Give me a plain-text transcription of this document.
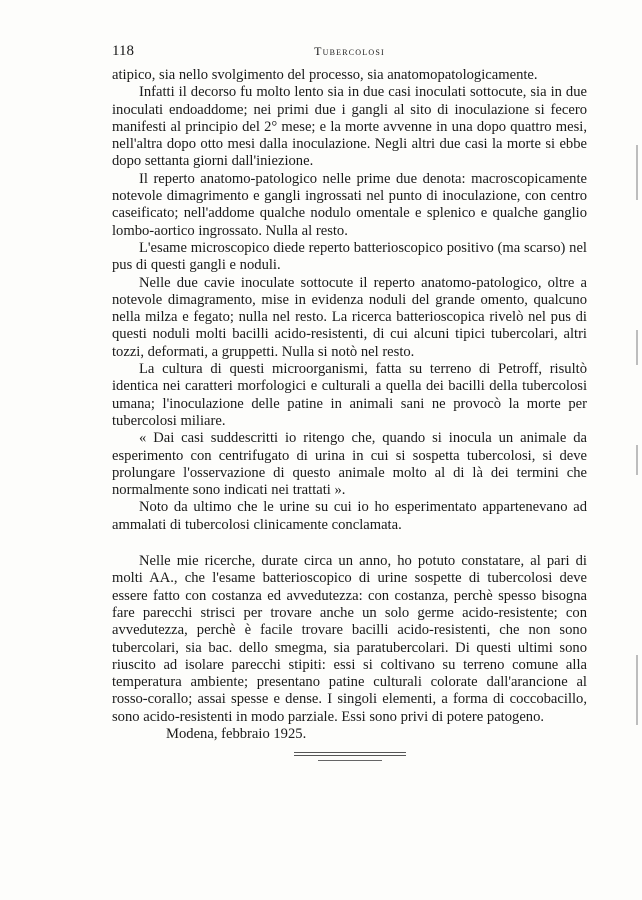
118	Tubercolosi

atipico, sia nello svolgimento del processo, sia anatomopatologicamente.

Infatti il decorso fu molto lento sia in due casi inoculati sottocute, sia in due inoculati endoaddome; nei primi due i gangli al sito di inoculazione si fecero manifesti al principio del 2° mese; e la morte avvenne in una dopo quattro mesi, nell'altra dopo otto mesi dalla inoculazione. Negli altri due casi la morte si ebbe dopo settanta giorni dall'iniezione.

Il reperto anatomo-patologico nelle prime due denota: macroscopicamente notevole dimagrimento e gangli ingrossati nel punto di inoculazione, con centro caseificato; nell'addome qualche nodulo omentale e splenico e qualche ganglio lombo-aortico ingrossato. Nulla al resto.

L'esame microscopico diede reperto batterioscopico positivo (ma scarso) nel pus di questi gangli e noduli.

Nelle due cavie inoculate sottocute il reperto anatomo-patologico, oltre a notevole dimagramento, mise in evidenza noduli del grande omento, qualcuno nella milza e fegato; nulla nel resto. La ricerca batterioscopica rivelò nel pus di questi noduli molti bacilli acido-resistenti, di cui alcuni tipici tubercolari, altri tozzi, deformati, a gruppetti. Nulla si notò nel resto.

La cultura di questi microorganismi, fatta su terreno di Petroff, risultò identica nei caratteri morfologici e culturali a quella dei bacilli della tubercolosi umana; l'inoculazione delle patine in animali sani ne provocò la morte per tubercolosi miliare.

« Dai casi suddescritti io ritengo che, quando si inocula un animale da esperimento con centrifugato di urina in cui si sospetta tubercolosi, si deve prolungare l'osservazione di questo animale molto al di là dei termini che normalmente sono indicati nei trattati ».

Noto da ultimo che le urine su cui io ho esperimentato appartenevano ad ammalati di tubercolosi clinicamente conclamata.

Nelle mie ricerche, durate circa un anno, ho potuto constatare, al pari di molti AA., che l'esame batterioscopico di urine sospette di tubercolosi deve essere fatto con costanza ed avvedutezza: con costanza, perchè spesso bisogna fare parecchi strisci per trovare anche un solo germe acido-resistente; con avvedutezza, perchè è facile trovare bacilli acido-resistenti, che non sono tubercolari, sia bac. dello smegma, sia paratubercolari. Di questi ultimi sono riuscito ad isolare parecchi stipiti: essi si coltivano su terreno comune alla temperatura ambiente; presentano patine culturali colorate dall'arancione al rosso-corallo; assai spesse e dense. I singoli elementi, a forma di coccobacillo, sono acido-resistenti in modo parziale. Essi sono privi di potere patogeno.

Modena, febbraio 1925.
